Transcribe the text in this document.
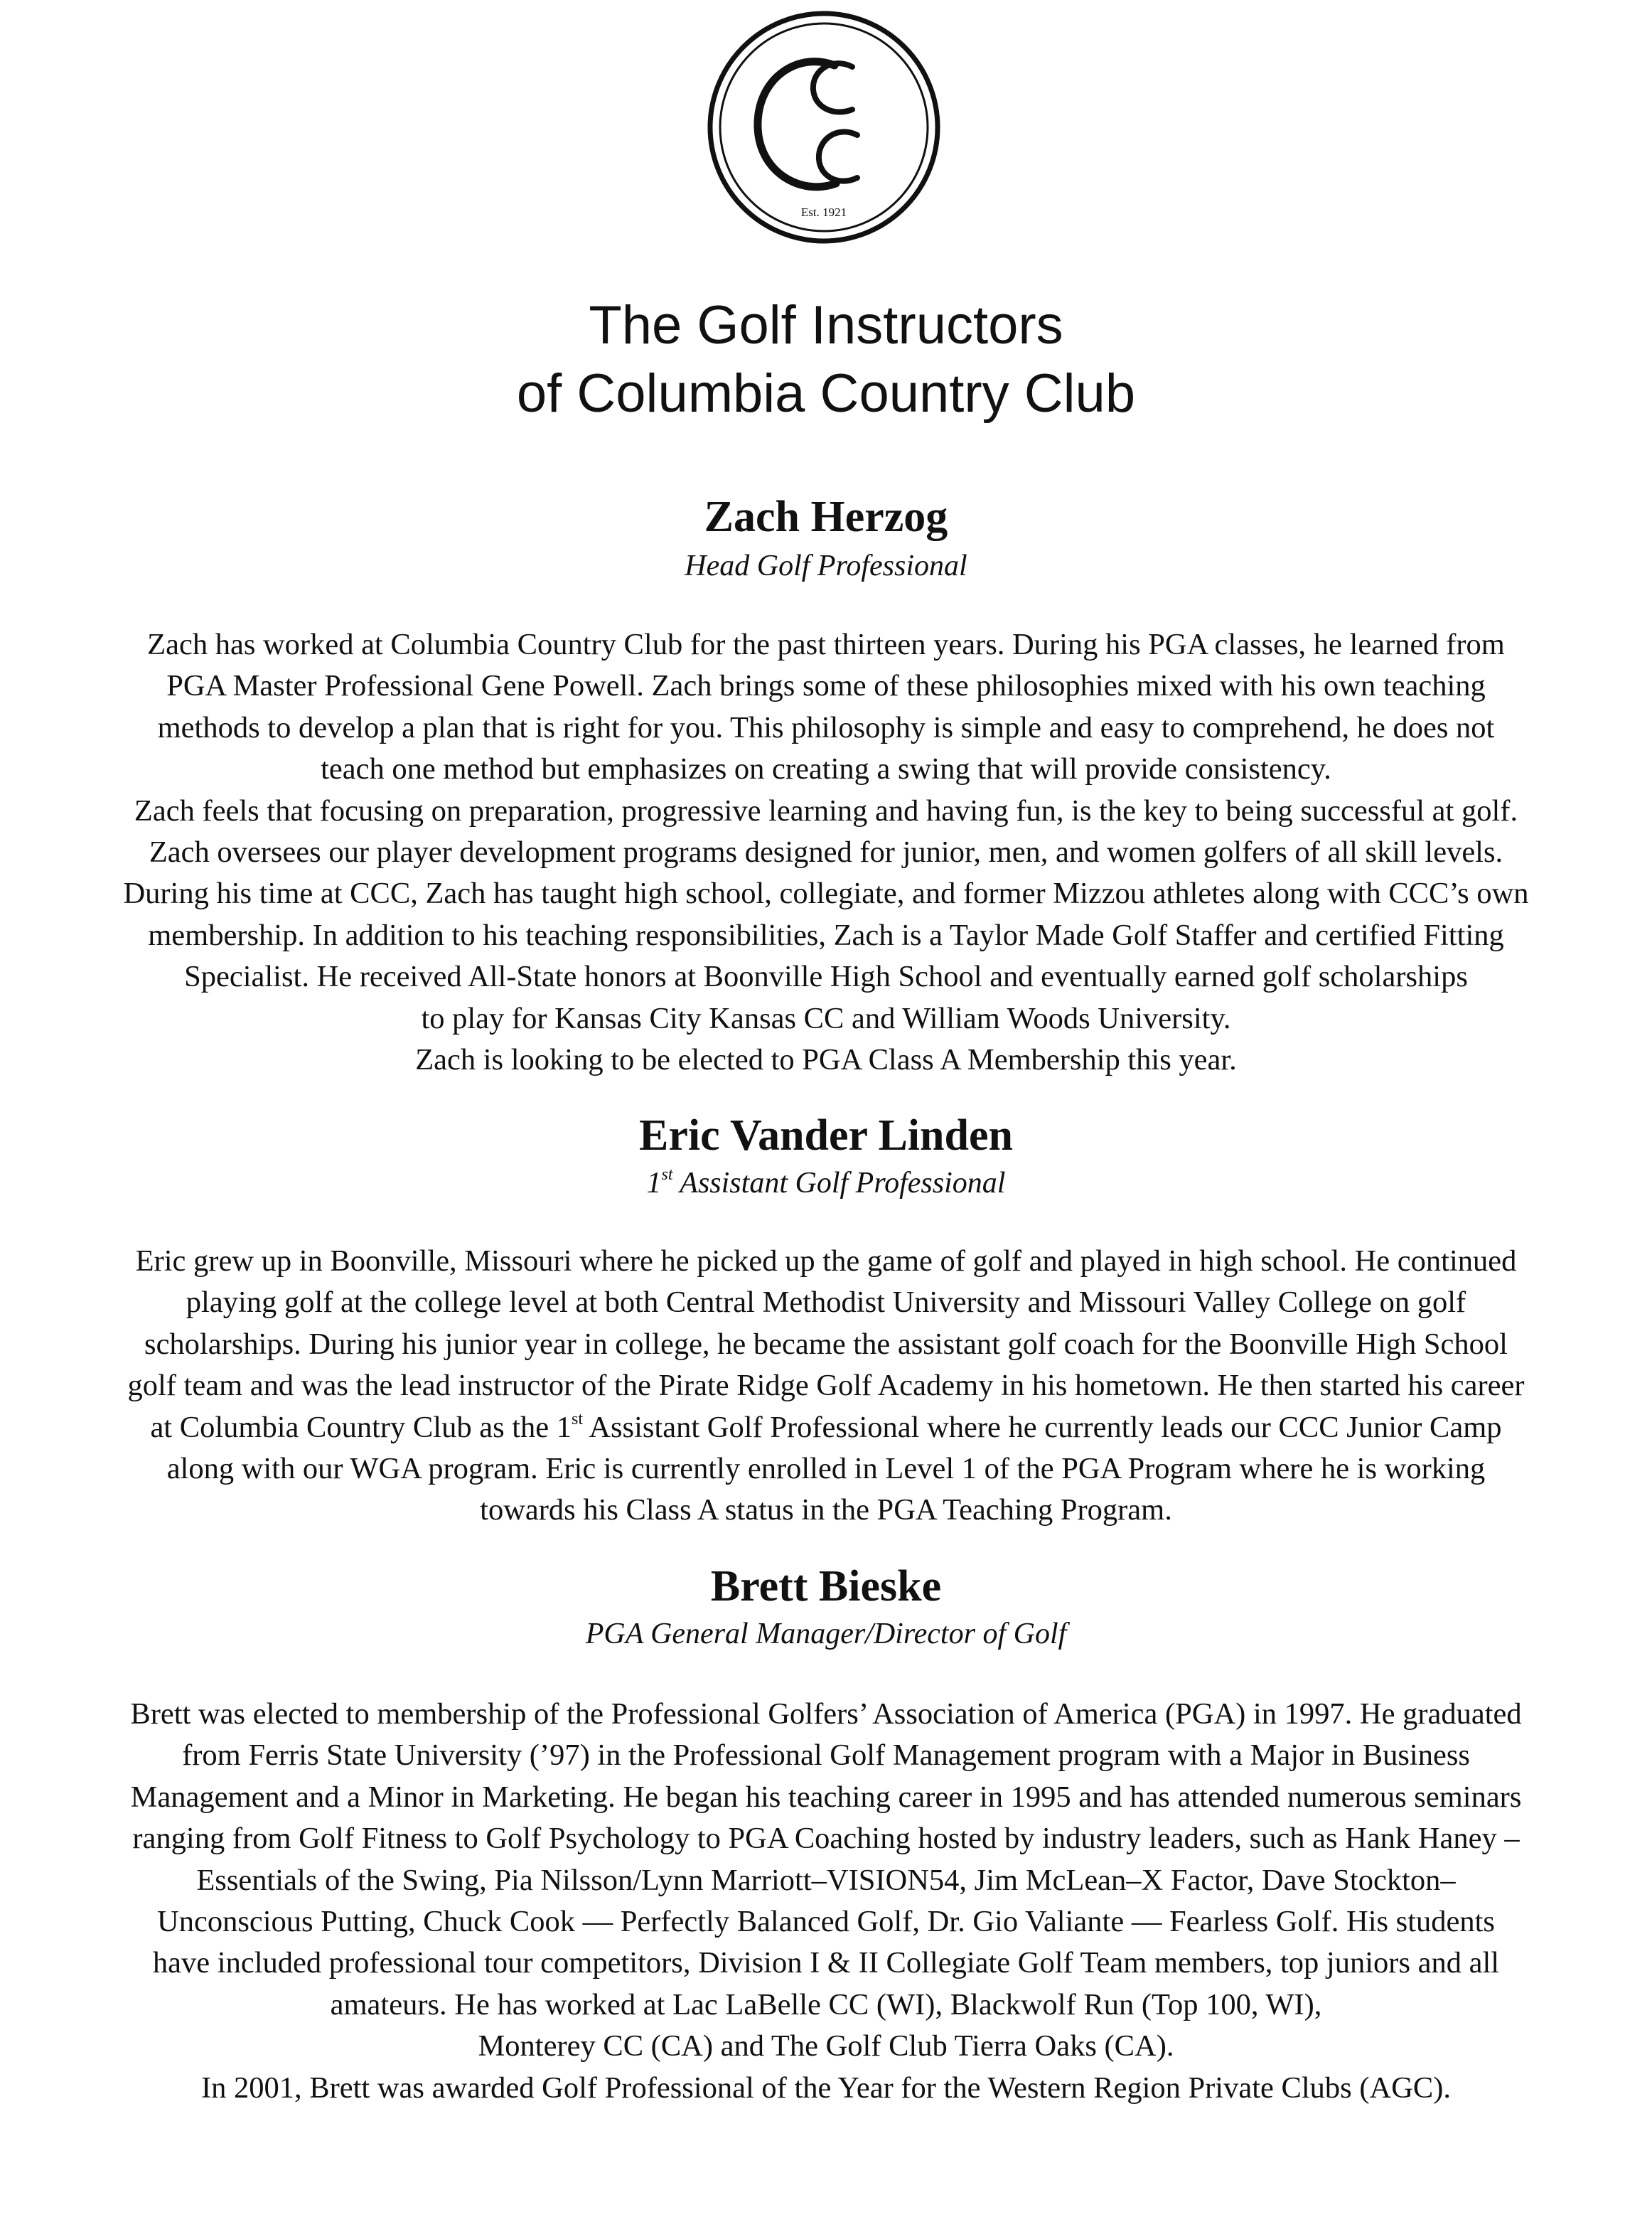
Est. 1921
The Golf Instructors
of Columbia Country Club
Zach Herzog
Head Golf Professional
Zach has worked at Columbia Country Club for the past thirteen years. During his PGA classes, he learned from
PGA Master Professional Gene Powell. Zach brings some of these philosophies mixed with his own teaching
methods to develop a plan that is right for you. This philosophy is simple and easy to comprehend, he does not
teach one method but emphasizes on creating a swing that will provide consistency.
Zach feels that focusing on preparation, progressive learning and having fun, is the key to being successful at golf.
Zach oversees our player development programs designed for junior, men, and women golfers of all skill levels.
During his time at CCC, Zach has taught high school, collegiate, and former Mizzou athletes along with CCC’s own
membership. In addition to his teaching responsibilities, Zach is a Taylor Made Golf Staffer and certified Fitting
Specialist. He received All-State honors at Boonville High School and eventually earned golf scholarships
to play for Kansas City Kansas CC and William Woods University.
Zach is looking to be elected to PGA Class A Membership this year.
Eric Vander Linden
1st Assistant Golf Professional
Eric grew up in Boonville, Missouri where he picked up the game of golf and played in high school. He continued
playing golf at the college level at both Central Methodist University and Missouri Valley College on golf
scholarships. During his junior year in college, he became the assistant golf coach for the Boonville High School
golf team and was the lead instructor of the Pirate Ridge Golf Academy in his hometown. He then started his career
at Columbia Country Club as the 1st Assistant Golf Professional where he currently leads our CCC Junior Camp
along with our WGA program. Eric is currently enrolled in Level 1 of the PGA Program where he is working
towards his Class A status in the PGA Teaching Program.
Brett Bieske
PGA General Manager/Director of Golf
Brett was elected to membership of the Professional Golfers’ Association of America (PGA) in 1997. He graduated
from Ferris State University (’97) in the Professional Golf Management program with a Major in Business
Management and a Minor in Marketing. He began his teaching career in 1995 and has attended numerous seminars
ranging from Golf Fitness to Golf Psychology to PGA Coaching hosted by industry leaders, such as Hank Haney –
Essentials of the Swing, Pia Nilsson/Lynn Marriott–VISION54, Jim McLean–X Factor, Dave Stockton–
Unconscious Putting, Chuck Cook — Perfectly Balanced Golf, Dr. Gio Valiante — Fearless Golf. His students
have included professional tour competitors, Division I & II Collegiate Golf Team members, top juniors and all
amateurs. He has worked at Lac LaBelle CC (WI), Blackwolf Run (Top 100, WI),
Monterey CC (CA) and The Golf Club Tierra Oaks (CA).
In 2001, Brett was awarded Golf Professional of the Year for the Western Region Private Clubs (AGC).
